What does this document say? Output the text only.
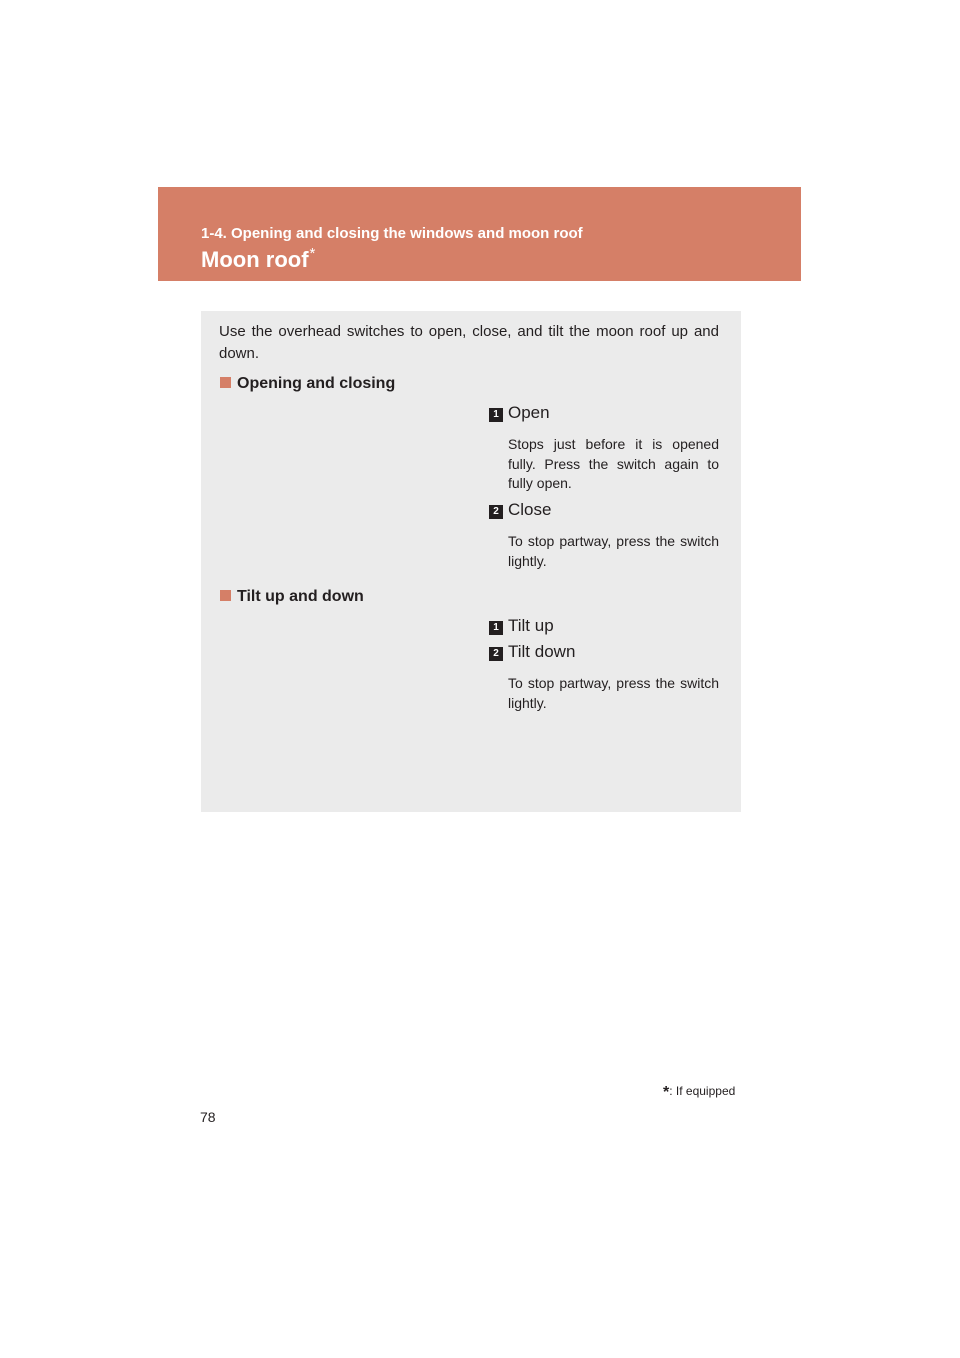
1-4. Opening and closing the windows and moon roof
Moon roof*
Use the overhead switches to open, close, and tilt the moon roof up and down.
Opening and closing
1 Open
Stops just before it is opened fully. Press the switch again to fully open.
2 Close
To stop partway, press the switch lightly.
Tilt up and down
1 Tilt up
2 Tilt down
To stop partway, press the switch lightly.
*: If equipped
78
